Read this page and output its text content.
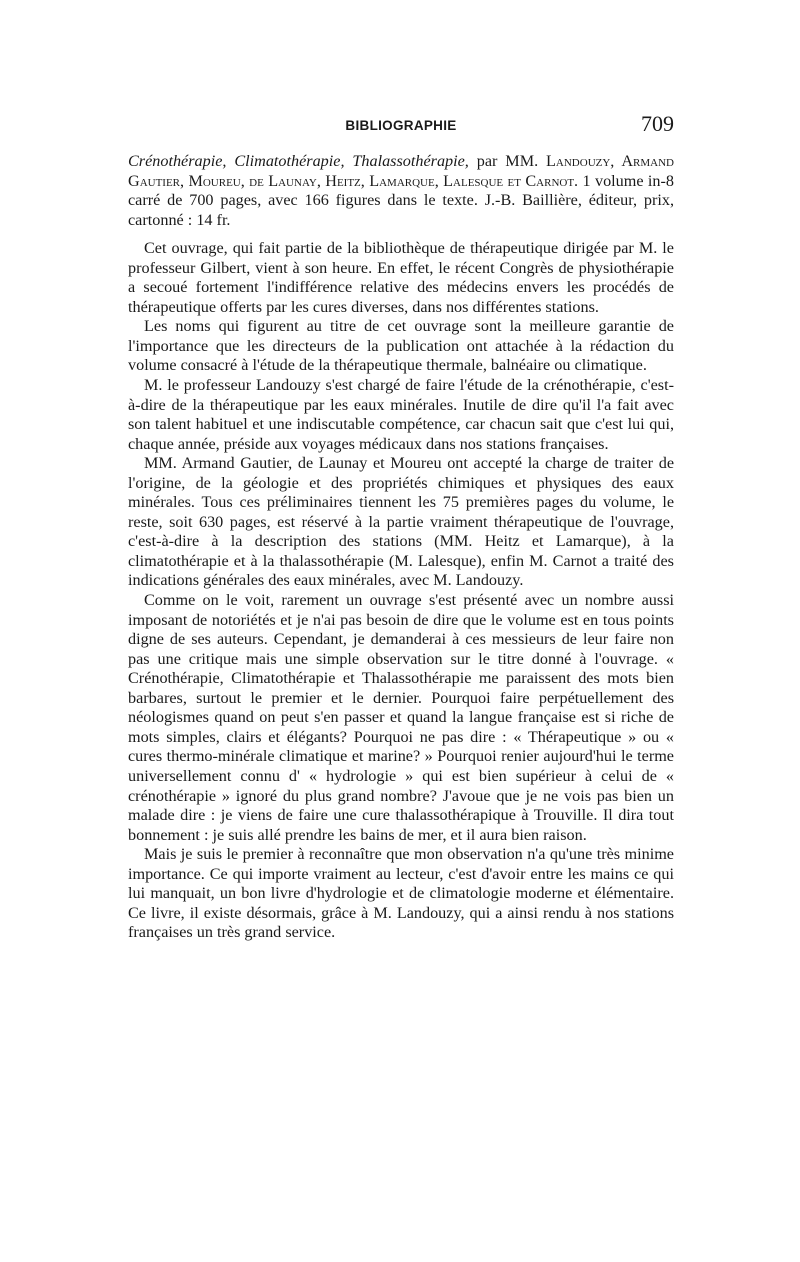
BIBLIOGRAPHIE	709

Crénothérapie, Climatothérapie, Thalassothérapie, par MM. Landouzy, Armand Gautier, Moureu, de Launay, Heitz, Lamarque, Lalesque et Carnot. 1 volume in-8 carré de 700 pages, avec 166 figures dans le texte. J.-B. Baillière, éditeur, prix, cartonné : 14 fr.

Cet ouvrage, qui fait partie de la bibliothèque de thérapeutique dirigée par M. le professeur Gilbert, vient à son heure. En effet, le récent Congrès de physiothérapie a secoué fortement l'indifférence relative des médecins envers les procédés de thérapeutique offerts par les cures diverses, dans nos différentes stations.

Les noms qui figurent au titre de cet ouvrage sont la meilleure garantie de l'importance que les directeurs de la publication ont attachée à la rédaction du volume consacré à l'étude de la thérapeutique thermale, balnéaire ou climatique.

M. le professeur Landouzy s'est chargé de faire l'étude de la crénothérapie, c'est-à-dire de la thérapeutique par les eaux minérales. Inutile de dire qu'il l'a fait avec son talent habituel et une indiscutable compétence, car chacun sait que c'est lui qui, chaque année, préside aux voyages médicaux dans nos stations françaises.

MM. Armand Gautier, de Launay et Moureu ont accepté la charge de traiter de l'origine, de la géologie et des propriétés chimiques et physiques des eaux minérales. Tous ces préliminaires tiennent les 75 premières pages du volume, le reste, soit 630 pages, est réservé à la partie vraiment thérapeutique de l'ouvrage, c'est-à-dire à la description des stations (MM. Heitz et Lamarque), à la climatothérapie et à la thalassothérapie (M. Lalesque), enfin M. Carnot a traité des indications générales des eaux minérales, avec M. Landouzy.

Comme on le voit, rarement un ouvrage s'est présenté avec un nombre aussi imposant de notoriétés et je n'ai pas besoin de dire que le volume est en tous points digne de ses auteurs. Cependant, je demanderai à ces messieurs de leur faire non pas une critique mais une simple observation sur le titre donné à l'ouvrage. « Crénothérapie, Climatothérapie et Thalassothérapie me paraissent des mots bien barbares, surtout le premier et le dernier. Pourquoi faire perpétuellement des néologismes quand on peut s'en passer et quand la langue française est si riche de mots simples, clairs et élégants? Pourquoi ne pas dire : « Thérapeutique » ou « cures thermo-minérale climatique et marine? » Pourquoi renier aujourd'hui le terme universellement connu d' « hydrologie » qui est bien supérieur à celui de « crénothérapie » ignoré du plus grand nombre? J'avoue que je ne vois pas bien un malade dire : je viens de faire une cure thalassothérapique à Trouville. Il dira tout bonnement : je suis allé prendre les bains de mer, et il aura bien raison.

Mais je suis le premier à reconnaître que mon observation n'a qu'une très minime importance. Ce qui importe vraiment au lecteur, c'est d'avoir entre les mains ce qui lui manquait, un bon livre d'hydrologie et de climatologie moderne et élémentaire. Ce livre, il existe désormais, grâce à M. Landouzy, qui a ainsi rendu à nos stations françaises un très grand service.
